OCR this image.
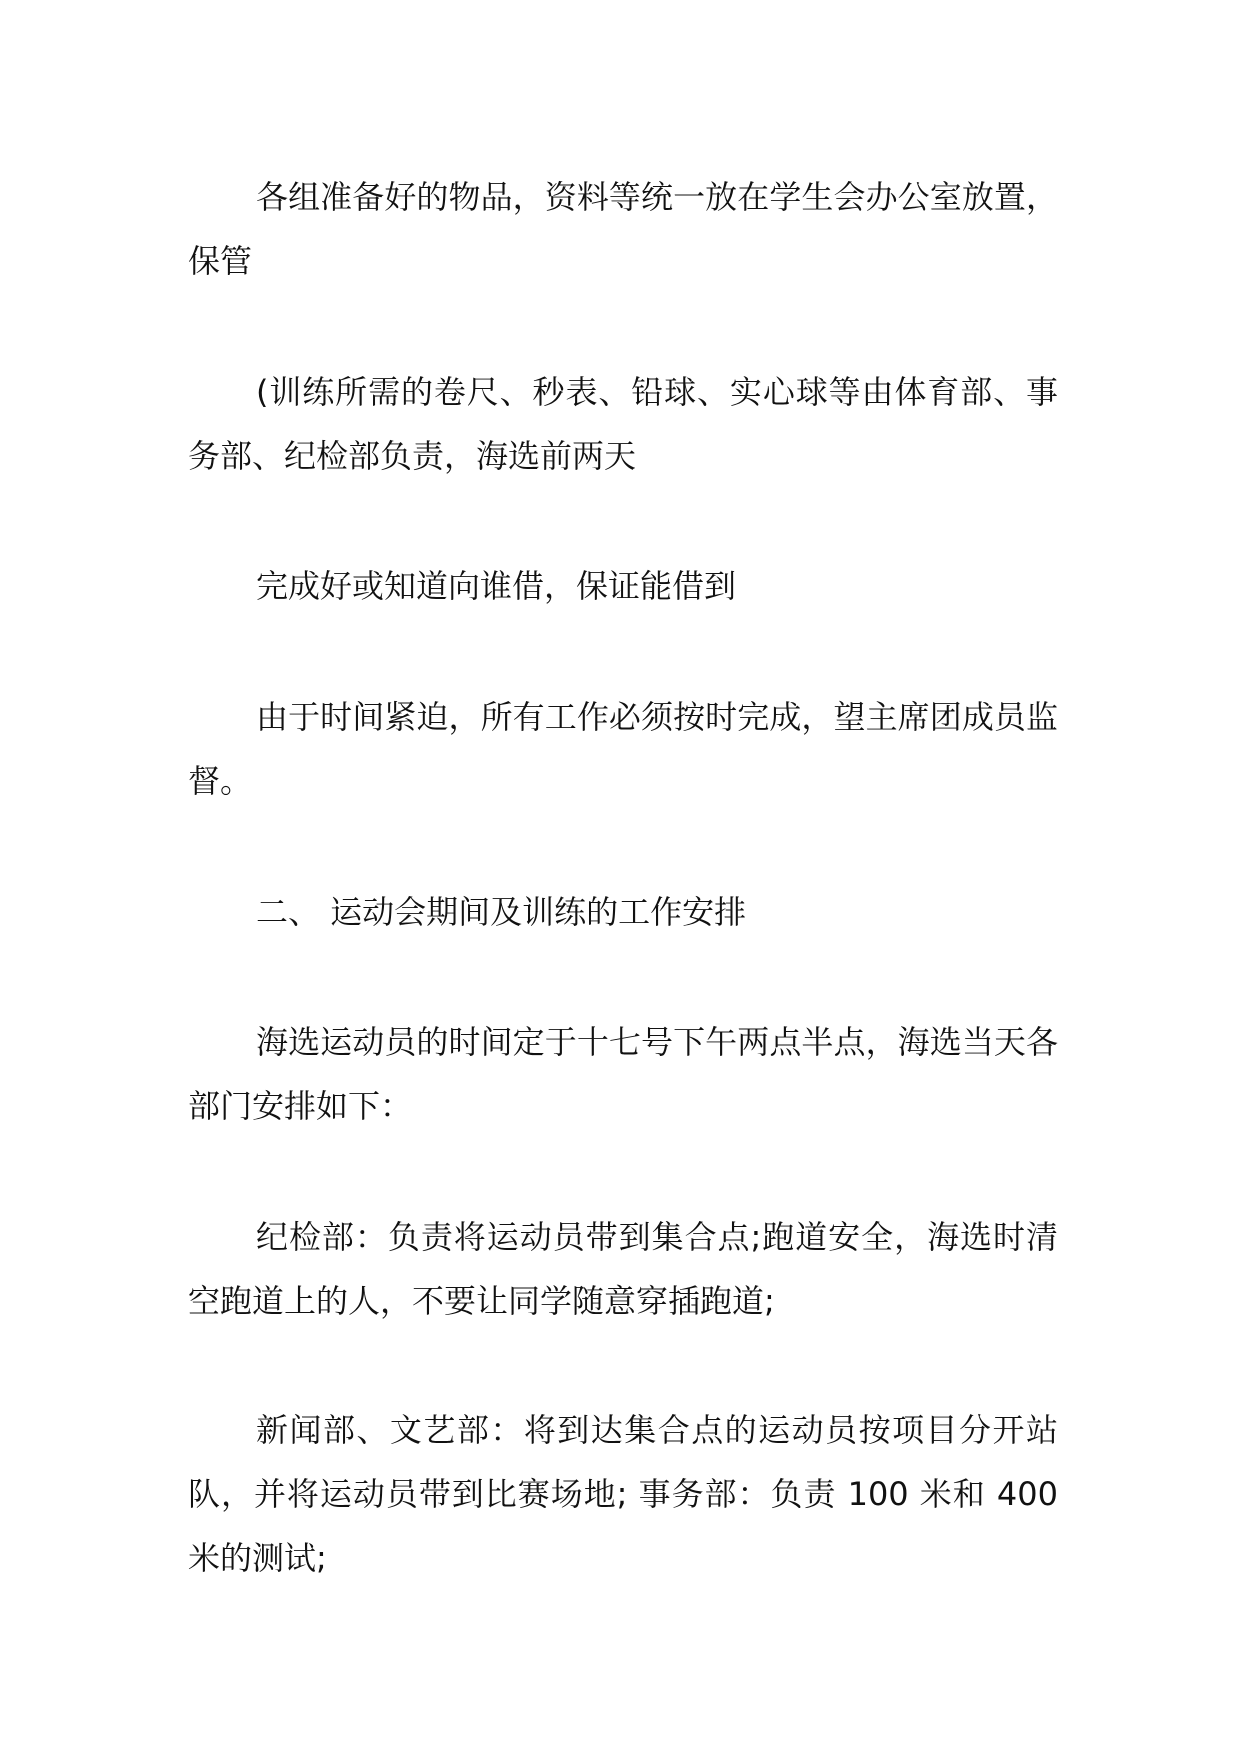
各组准备好的物品，资料等统一放在学生会办公室放置，保管

(训练所需的卷尺、秒表、铅球、实心球等由体育部、事务部、纪检部负责，海选前两天

完成好或知道向谁借，保证能借到

由于时间紧迫，所有工作必须按时完成，望主席团成员监督。

二、 运动会期间及训练的工作安排

海选运动员的时间定于十七号下午两点半点，海选当天各部门安排如下：

纪检部：负责将运动员带到集合点;跑道安全，海选时清空跑道上的人，不要让同学随意穿插跑道;

新闻部、文艺部：将到达集合点的运动员按项目分开站队，并将运动员带到比赛场地; 事务部：负责 100 米和 400 米的测试;
